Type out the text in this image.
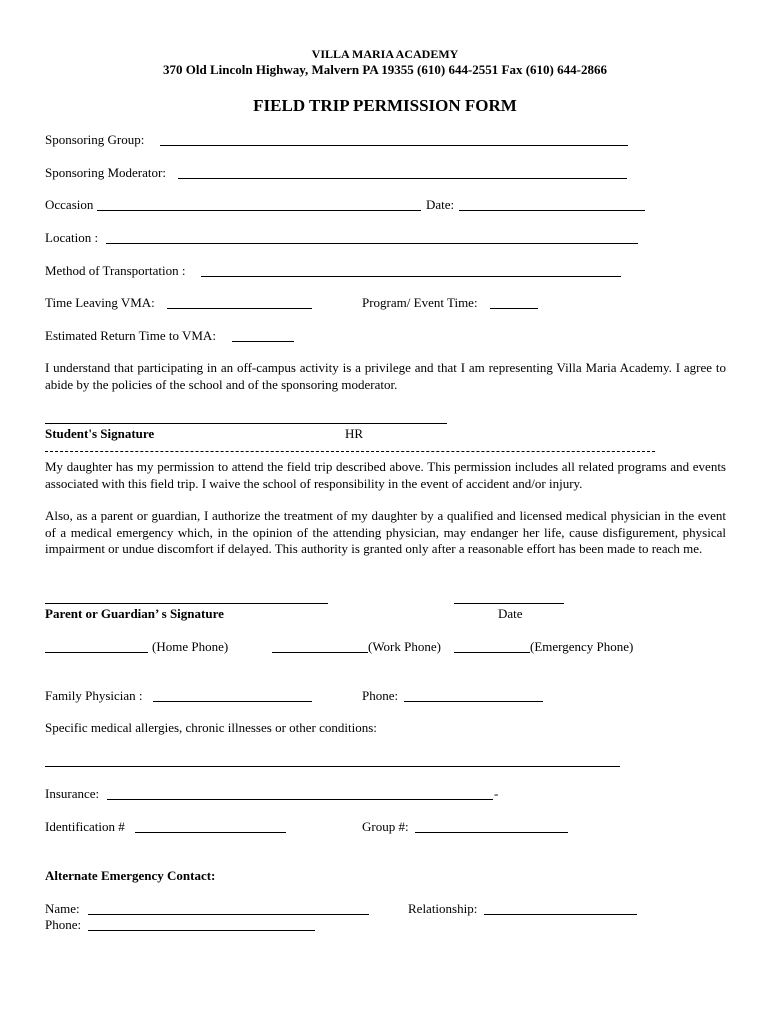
VILLA MARIA ACADEMY
370 Old Lincoln Highway, Malvern PA 19355 (610) 644-2551 Fax (610) 644-2866
FIELD TRIP PERMISSION FORM
Sponsoring Group:
Sponsoring Moderator:
Occasion	Date:
Location :
Method of Transportation :
Time Leaving VMA:	Program/ Event Time:
Estimated Return Time to VMA:
I understand that participating in an off-campus activity is a privilege and that I am representing Villa Maria Academy. I agree to abide by the policies of the school and of the sponsoring moderator.
Student's Signature	HR
My daughter has my permission to attend the field trip described above. This permission includes all related programs and events associated with this field trip. I waive the school of responsibility in the event of accident and/or injury.
Also, as a parent or guardian, I authorize the treatment of my daughter by a qualified and licensed medical physician in the event of a medical emergency which, in the opinion of the attending physician, may endanger her life, cause disfigurement, physical impairment or undue discomfort if delayed. This authority is granted only after a reasonable effort has been made to reach me.
Parent or Guardian’ s Signature	Date
(Home Phone)	(Work Phone)	(Emergency Phone)
Family Physician :	Phone:
Specific medical allergies, chronic illnesses or other conditions:
Insurance:	-
Identification #	Group #:
Alternate Emergency Contact:
Name:	Relationship:
Phone:
